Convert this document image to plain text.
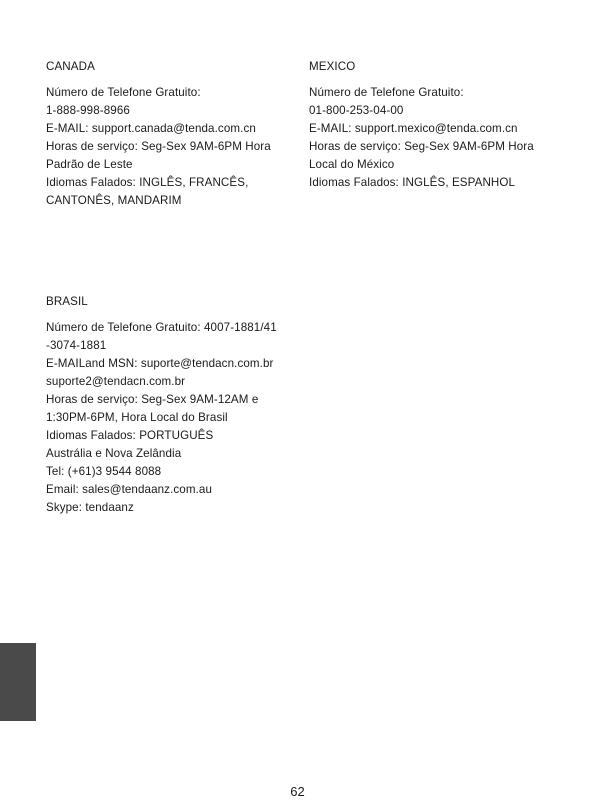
CANADA
Número de Telefone Gratuito:
1-888-998-8966
E-MAIL: support.canada@tenda.com.cn
Horas de serviço: Seg-Sex 9AM-6PM Hora
Padrão de Leste
Idiomas Falados: INGLÊS, FRANCÊS,
CANTONÊS, MANDARIM
MEXICO
Número de Telefone Gratuito:
01-800-253-04-00
E-MAIL: support.mexico@tenda.com.cn
Horas de serviço: Seg-Sex 9AM-6PM Hora
Local do México
Idiomas Falados: INGLÊS, ESPANHOL
BRASIL
Número de Telefone Gratuito: 4007-1881/41
-3074-1881
E-MAILand MSN: suporte@tendacn.com.br
suporte2@tendacn.com.br
Horas de serviço: Seg-Sex 9AM-12AM e
1:30PM-6PM, Hora Local do Brasil
Idiomas Falados: PORTUGUÊS
Austrália e Nova Zelândia
Tel: (+61)3 9544 8088
Email: sales@tendaanz.com.au
Skype: tendaanz
62
